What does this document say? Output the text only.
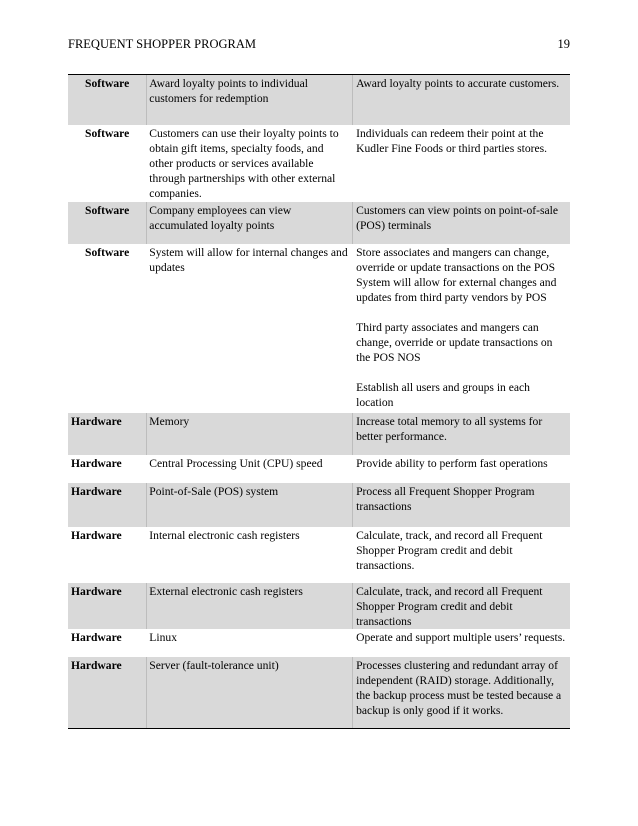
FREQUENT SHOPPER PROGRAM	19
Software	Award loyalty points to individual customers for redemption	Award loyalty points to accurate customers.

Software	Customers can use their loyalty points to obtain gift items, specialty foods, and other products or services available through partnerships with other external companies.	Individuals can redeem their point at the Kudler Fine Foods or third parties stores.

Software	Company employees can view accumulated loyalty points	Customers can view points on point-of-sale (POS) terminals

Software	System will allow for internal changes and updates	Store associates and mangers can change, override or update transactions on the POS System will allow for external changes and updates from third party vendors by POS
Third party associates and mangers can change, override or update transactions on the POS NOS
Establish all users and groups in each location

Hardware	Memory	Increase total memory to all systems for better performance.

Hardware	Central Processing Unit (CPU) speed	Provide ability to perform fast operations

Hardware	Point-of-Sale (POS) system	Process all Frequent Shopper Program transactions

Hardware	Internal electronic cash registers	Calculate, track, and record all Frequent Shopper Program credit and debit transactions.

Hardware	External electronic cash registers	Calculate, track, and record all Frequent Shopper Program credit and debit transactions

Hardware	Linux	Operate and support multiple users’ requests.

Hardware	Server (fault-tolerance unit)	Processes clustering and redundant array of independent (RAID) storage. Additionally, the backup process must be tested because a backup is only good if it works.
